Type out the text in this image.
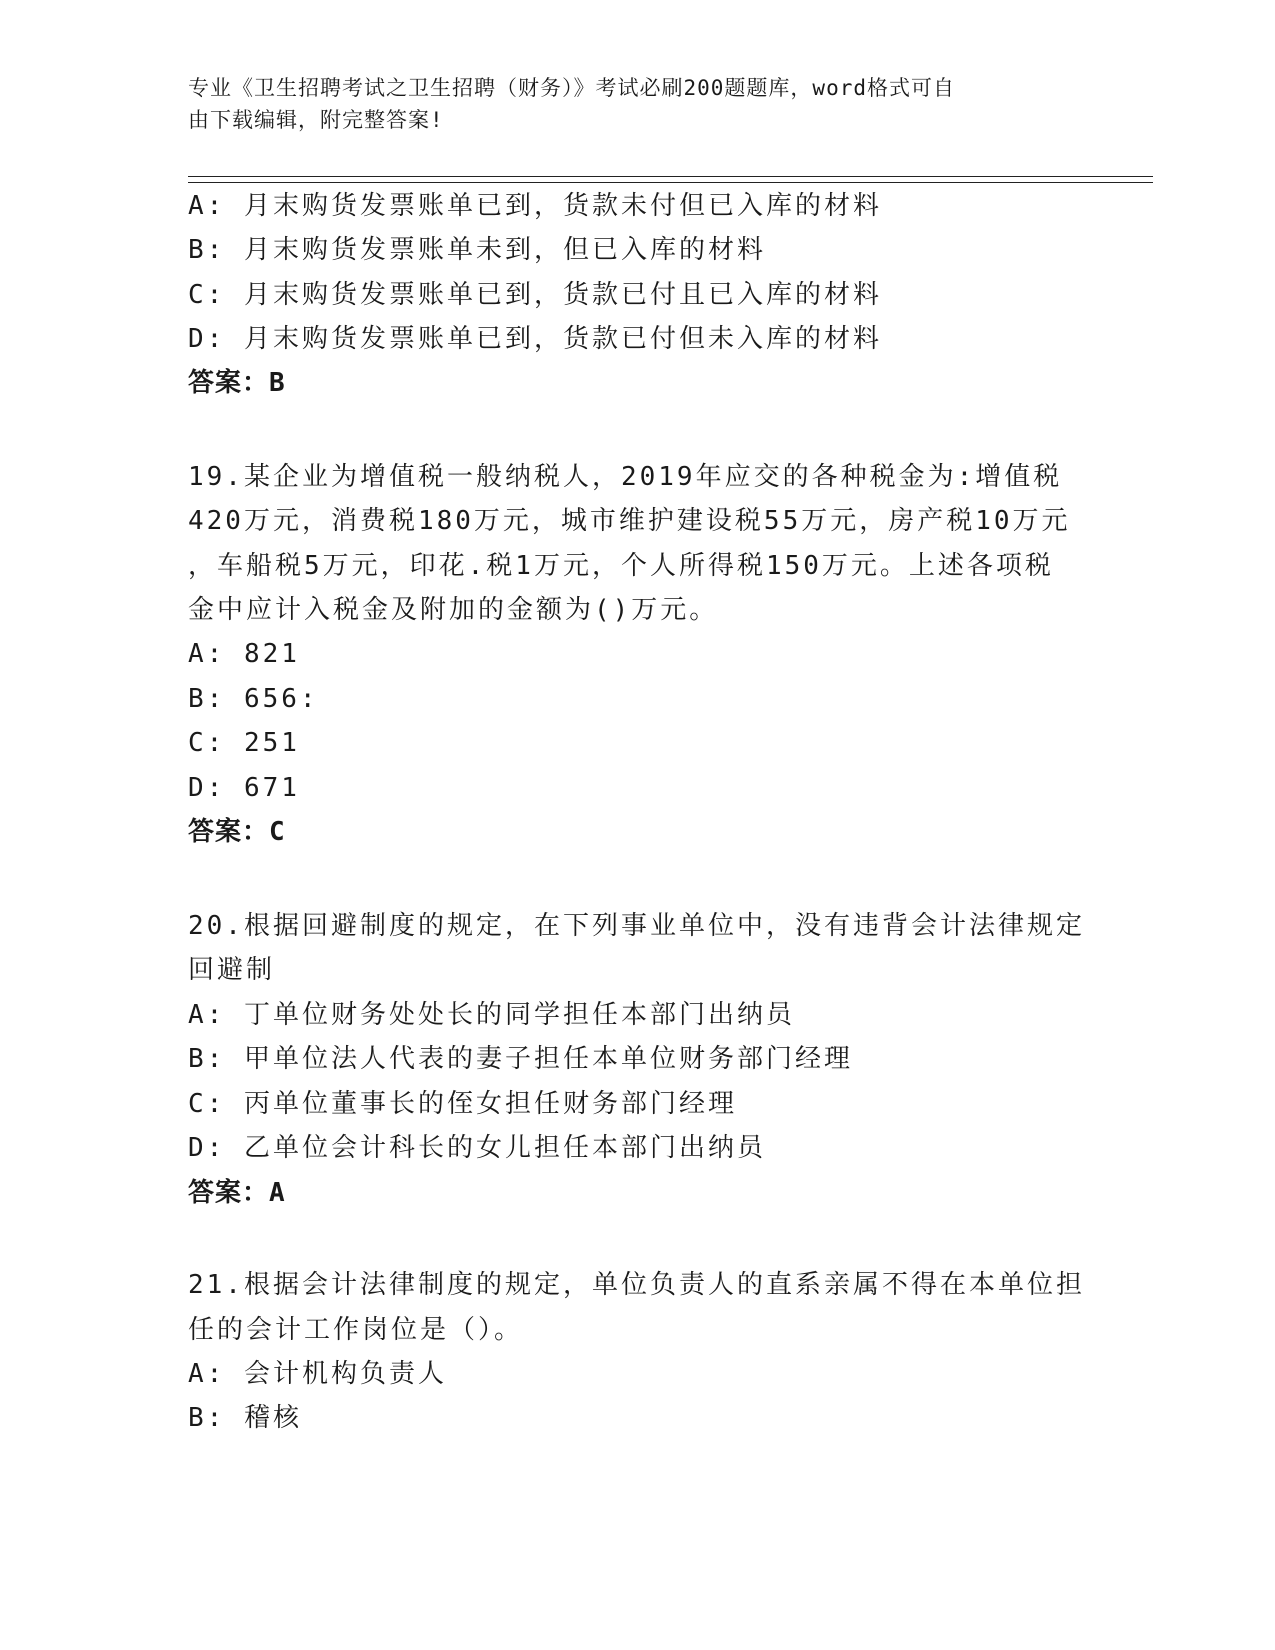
专业《卫生招聘考试之卫生招聘（财务）》考试必刷200题题库，word格式可自
由下载编辑，附完整答案!
A: 月末购货发票账单已到，货款未付但已入库的材料
B: 月末购货发票账单未到，但已入库的材料
C: 月末购货发票账单已到，货款已付且已入库的材料
D: 月末购货发票账单已到，货款已付但未入库的材料
答案：B
19.某企业为增值税一般纳税人，2019年应交的各种税金为:增值税
420万元，消费税180万元，城市维护建设税55万元，房产税10万元
，车船税5万元，印花.税1万元，个人所得税150万元。上述各项税
金中应计入税金及附加的金额为()万元。
A: 821
B: 656:
C: 251
D: 671
答案：C
20.根据回避制度的规定，在下列事业单位中，没有违背会计法律规定
回避制
A: 丁单位财务处处长的同学担任本部门出纳员
B: 甲单位法人代表的妻子担任本单位财务部门经理
C: 丙单位董事长的侄女担任财务部门经理
D: 乙单位会计科长的女儿担任本部门出纳员
答案：A
21.根据会计法律制度的规定，单位负责人的直系亲属不得在本单位担
任的会计工作岗位是（）。
A: 会计机构负责人
B: 稽核
